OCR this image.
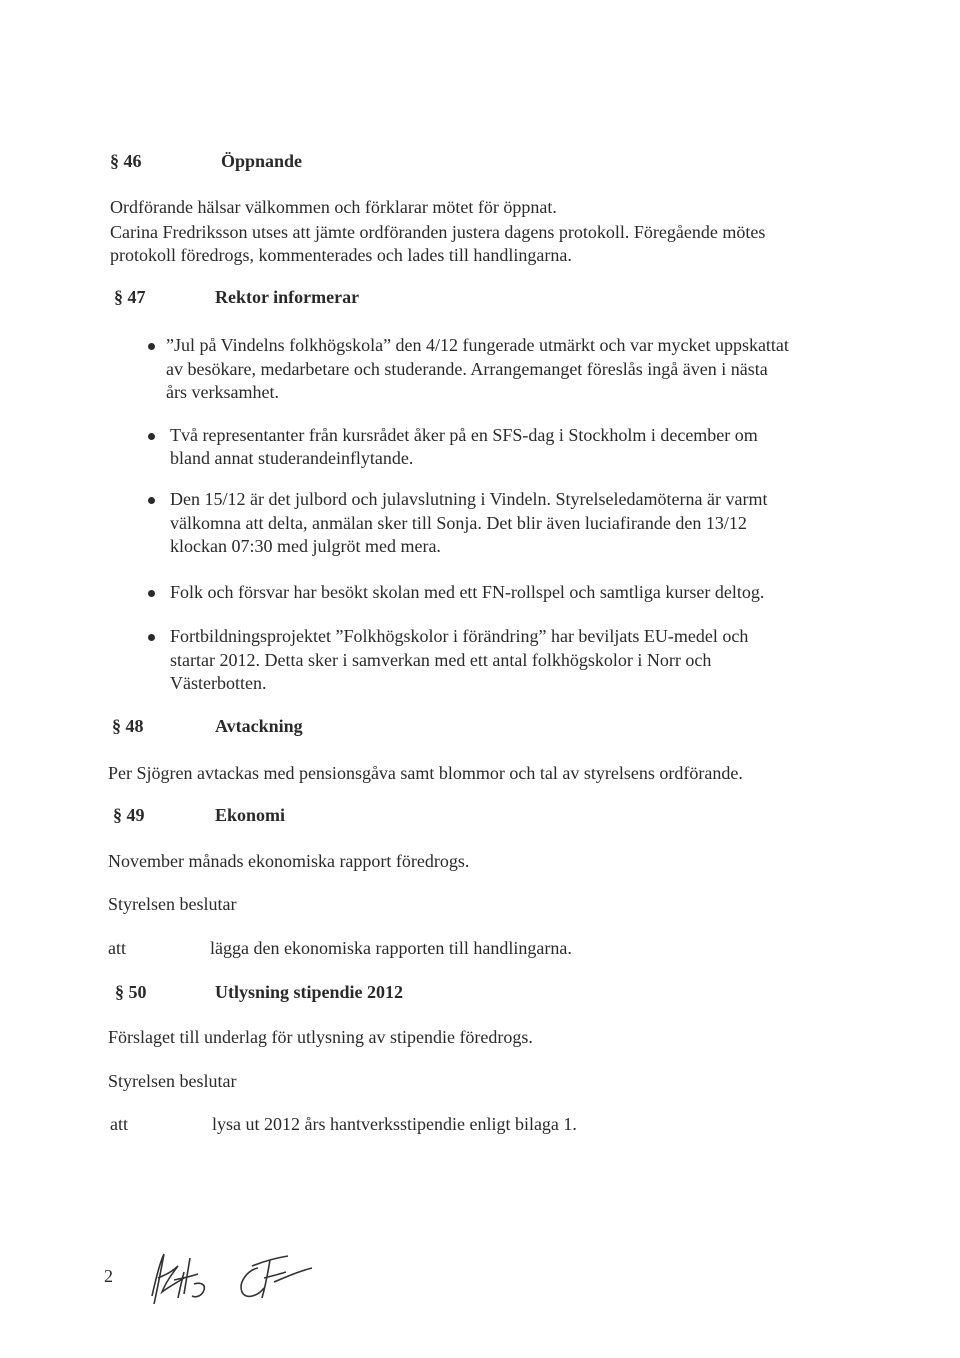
§ 46	Öppnande
Ordförande hälsar välkommen och förklarar mötet för öppnat.
Carina Fredriksson utses att jämte ordföranden justera dagens protokoll. Föregående mötes
protokoll föredrogs, kommenterades och lades till handlingarna.
§ 47	Rektor informerar
”Jul på Vindelns folkhögskola” den 4/12 fungerade utmärkt och var mycket uppskattat
av besökare, medarbetare och studerande. Arrangemanget föreslås ingå även i nästa
års verksamhet.
Två representanter från kursrådet åker på en SFS-dag i Stockholm i december om
bland annat studerandeinflytande.
Den 15/12 är det julbord och julavslutning i Vindeln. Styrelseledamöterna är varmt
välkomna att delta, anmälan sker till Sonja. Det blir även luciafirande den 13/12
klockan 07:30 med julgröt med mera.
Folk och försvar har besökt skolan med ett FN-rollspel och samtliga kurser deltog.
Fortbildningsprojektet ”Folkhögskolor i förändring” har beviljats EU-medel och
startar 2012. Detta sker i samverkan med ett antal folkhögskolor i Norr och
Västerbotten.
§ 48	Avtackning
Per Sjögren avtackas med pensionsgåva samt blommor och tal av styrelsens ordförande.
§ 49	Ekonomi
November månads ekonomiska rapport föredrogs.
Styrelsen beslutar
att	lägga den ekonomiska rapporten till handlingarna.
§ 50	Utlysning stipendie 2012
Förslaget till underlag för utlysning av stipendie föredrogs.
Styrelsen beslutar
att	lysa ut 2012 års hantverksstipendie enligt bilaga 1.
2
